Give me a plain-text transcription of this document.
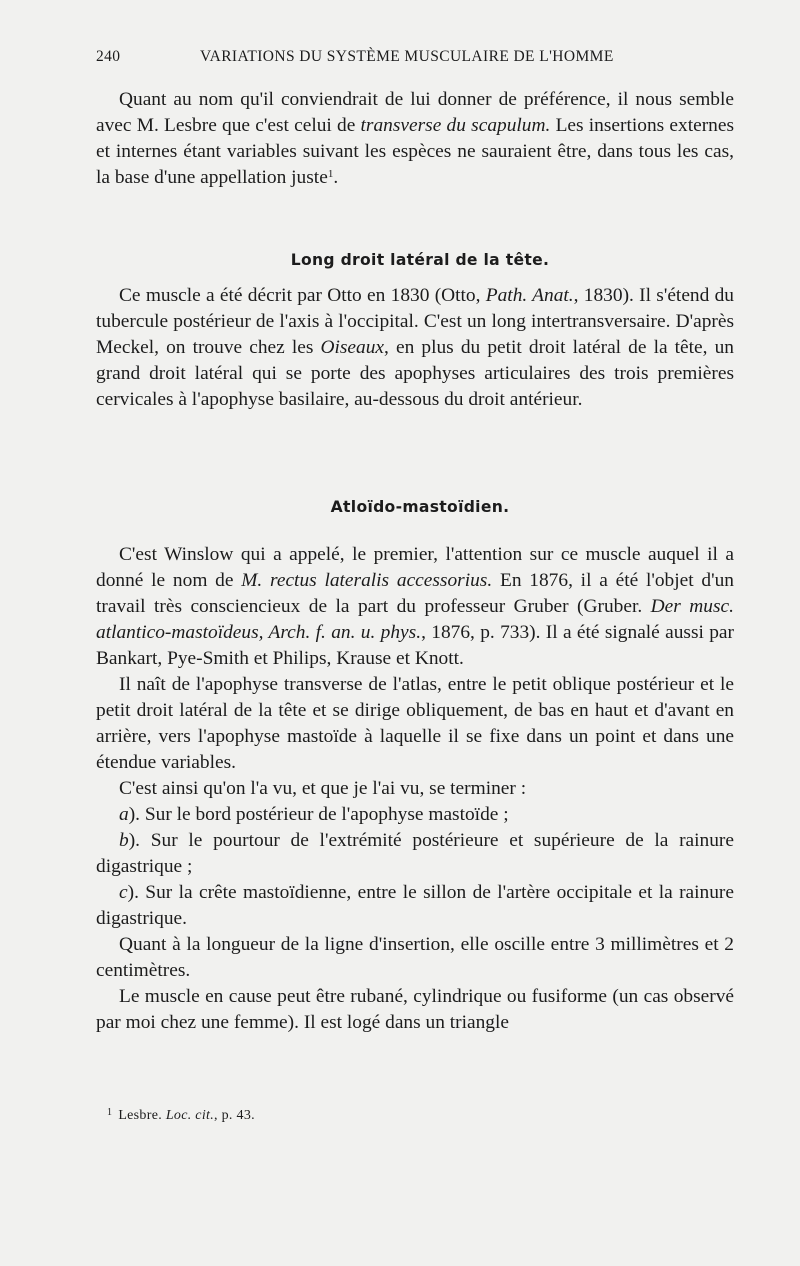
240	VARIATIONS DU SYSTÈME MUSCULAIRE DE L'HOMME

Quant au nom qu'il conviendrait de lui donner de préférence, il nous semble avec M. Lesbre que c'est celui de transverse du scapulum. Les insertions externes et internes étant variables suivant les espèces ne sauraient être, dans tous les cas, la base d'une appellation juste$^1$.

Long droit latéral de la tête.

Ce muscle a été décrit par Otto en 1830 (Otto, Path. Anat., 1830). Il s'étend du tubercule postérieur de l'axis à l'occipital. C'est un long intertransversaire. D'après Meckel, on trouve chez les Oiseaux, en plus du petit droit latéral de la tête, un grand droit latéral qui se porte des apophyses articulaires des trois premières cervicales à l'apophyse basilaire, au-dessous du droit antérieur.

Atloïdo-mastoïdien.

C'est Winslow qui a appelé, le premier, l'attention sur ce muscle auquel il a donné le nom de M. rectus lateralis accessorius. En 1876, il a été l'objet d'un travail très consciencieux de la part du professeur Gruber (Gruber. Der musc. atlantico-mastoïdeus, Arch. f. an. u. phys., 1876, p. 733). Il a été signalé aussi par Bankart, Pye-Smith et Philips, Krause et Knott.

Il naît de l'apophyse transverse de l'atlas, entre le petit oblique postérieur et le petit droit latéral de la tête et se dirige obliquement, de bas en haut et d'avant en arrière, vers l'apophyse mastoïde à laquelle il se fixe dans un point et dans une étendue variables.

C'est ainsi qu'on l'a vu, et que je l'ai vu, se terminer :

a). Sur le bord postérieur de l'apophyse mastoïde ;

b). Sur le pourtour de l'extrémité postérieure et supérieure de la rainure digastrique ;

c). Sur la crête mastoïdienne, entre le sillon de l'artère occipitale et la rainure digastrique.

Quant à la longueur de la ligne d'insertion, elle oscille entre 3 millimètres et 2 centimètres.

Le muscle en cause peut être rubané, cylindrique ou fusiforme (un cas observé par moi chez une femme). Il est logé dans un triangle

$^1$ Lesbre. Loc. cit., p. 43.
